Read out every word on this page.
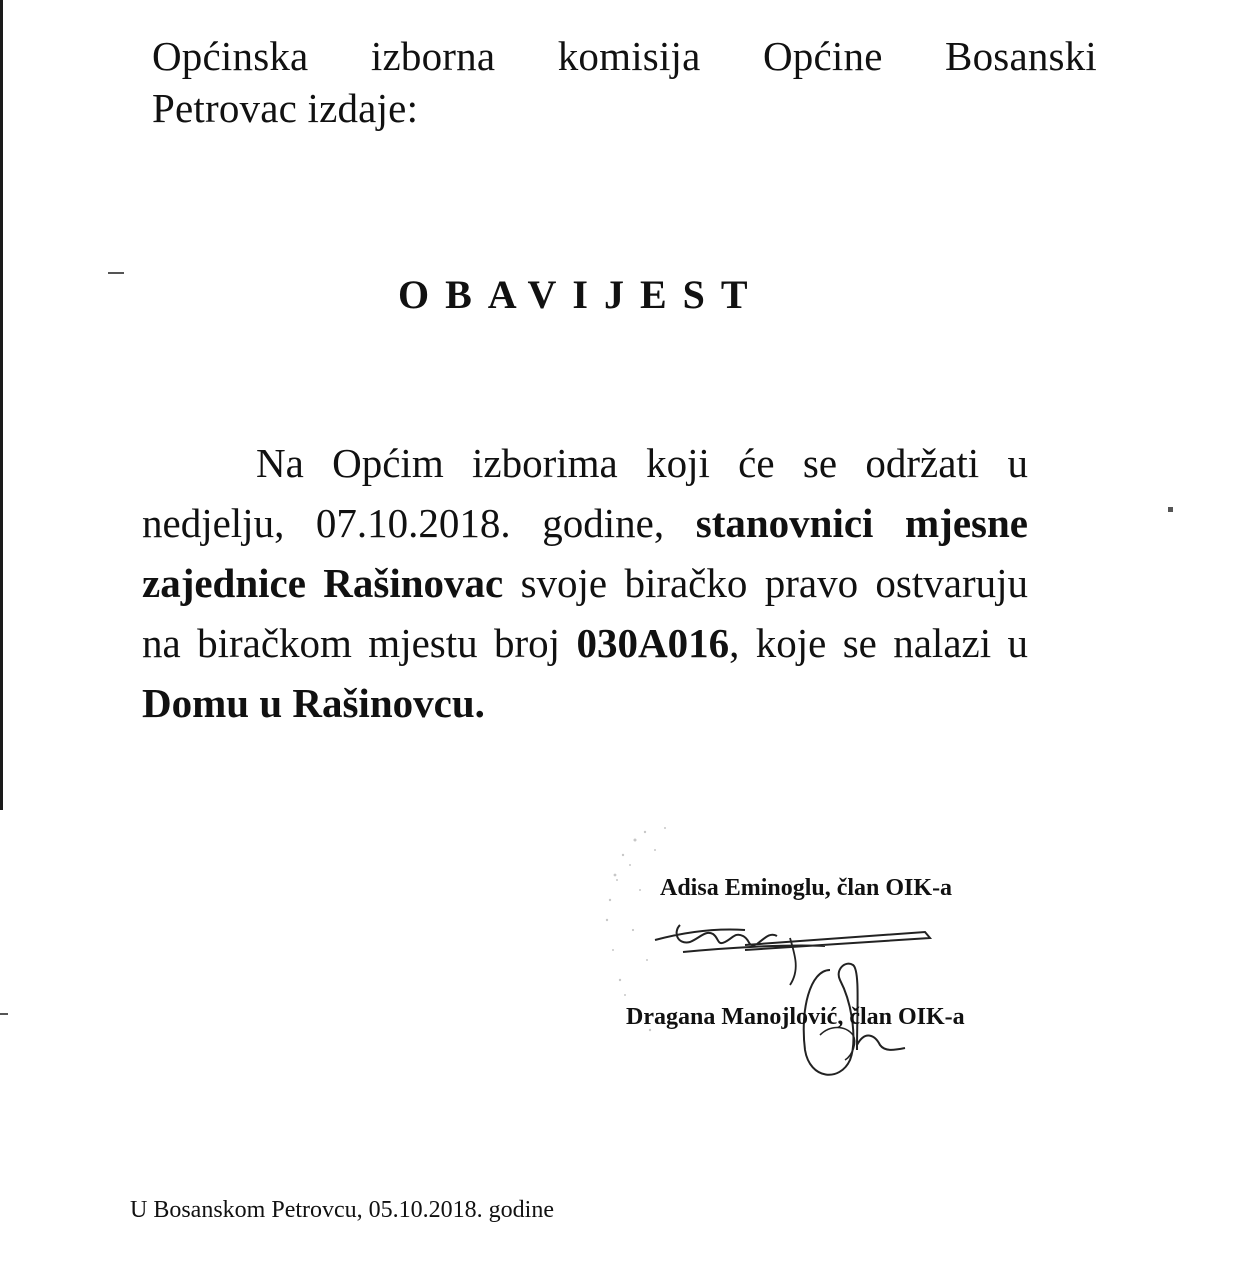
Općinska izborna komisija Općine Bosanski
Petrovac izdaje:
OBAVIJEST
Na Općim izborima koji će se održati u nedjelju, 07.10.2018. godine, stanovnici mjesne zajednice Rašinovac svoje biračko pravo ostvaruju na biračkom mjestu broj 030A016, koje se nalazi u Domu u Rašinovcu.
Adisa Eminoglu, član OIK-a
Dragana Manojlović, član OIK-a
U Bosanskom Petrovcu, 05.10.2018. godine
